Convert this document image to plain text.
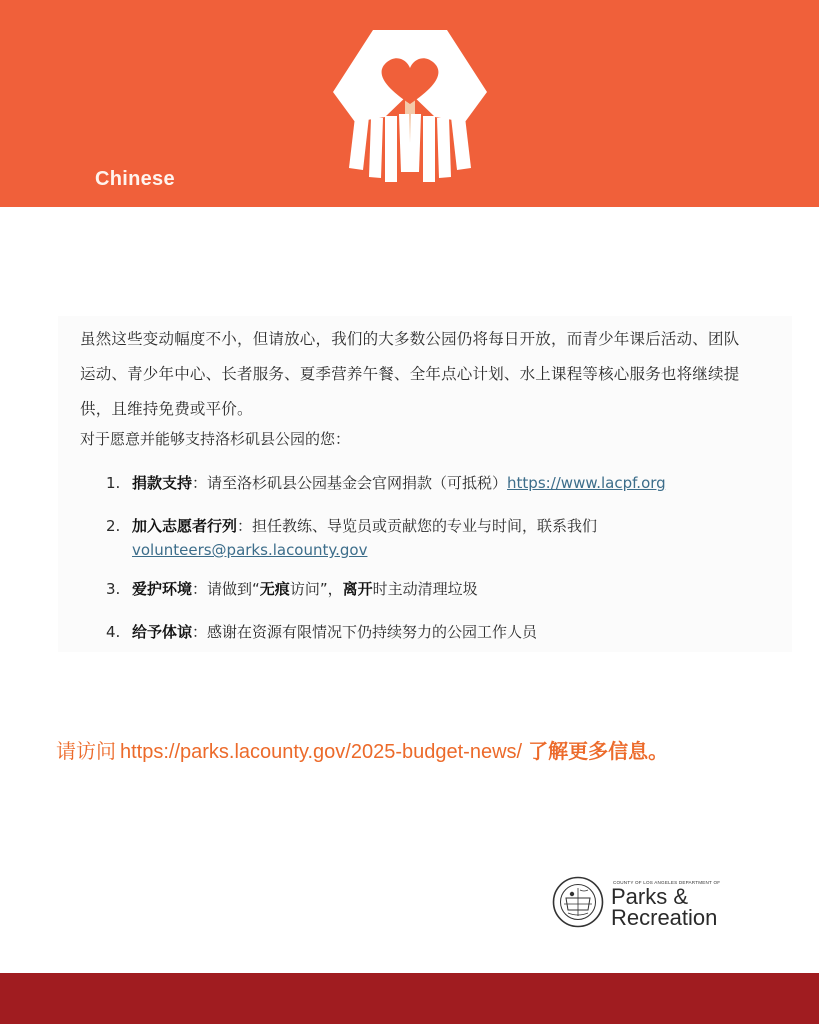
Chinese
虽然这些变动幅度不小，但请放心，我们的大多数公园仍将每日开放，而青少年课后活动、团队
运动、青少年中心、长者服务、夏季营养午餐、全年点心计划、水上课程等核心服务也将继续提
供，且维持免费或平价。
对于愿意并能够支持洛杉矶县公园的您：
1. 捐款支持：请至洛杉矶县公园基金会官网捐款（可抵税）https://www.lacpf.org
2. 加入志愿者行列：担任教练、导览员或贡献您的专业与时间，联系我们
volunteers@parks.lacounty.gov
3. 爱护环境：请做到“无痕访问”，离开时主动清理垃圾
4. 给予体谅：感谢在资源有限情况下仍持续努力的公园工作人员
请访问 https://parks.lacounty.gov/2025-budget-news/ 了解更多信息。
COUNTY OF LOS ANGELES DEPARTMENT OF
Parks &
Recreation
